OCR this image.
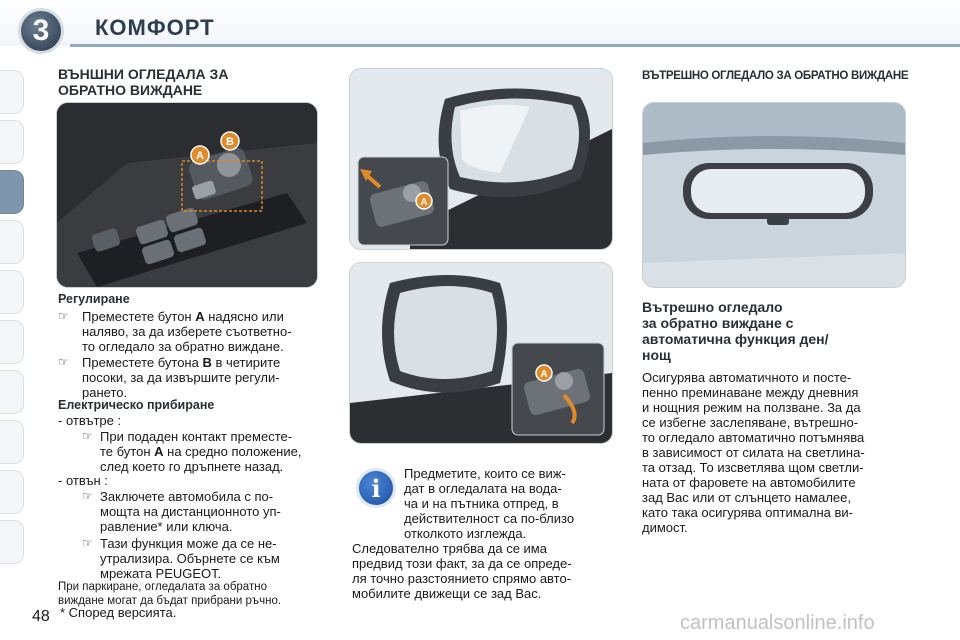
3	КОМФОРТ
ВЪНШНИ ОГЛЕДАЛА ЗА
ОБРАТНО ВИЖДАНЕ
A
B
Регулиране
☞ Преместете бутон A надясно или
наляво, за да изберете съответно-
то огледало за обратно виждане.
☞ Преместете бутона B в четирите
посоки, за да извършите регули-
рането.
Електрическо прибиране
- отвътре :
☞ При подаден контакт преместе-
те бутон A на средно положение,
след което го дръпнете назад.
- отвън :
☞ Заключете автомобила с по-
мощта на дистанционното уп-
равление* или ключа.
☞ Тази функция може да се не-
утрализира. Обърнете се към
мрежата PEUGEOT.
При паркиране, огледалата за обратно
виждане могат да бъдат прибрани ръчно.
A
A
i	Предметите, които се виж-
дат в огледалата на вода-
ча и на пътника отпред, в
действителност са по-близо
отколкото изглежда.
Следователно трябва да се има
предвид този факт, за да се опреде-
ля точно разстоянието спрямо авто-
мобилите движещи се зад Вас.
ВЪТРЕШНО ОГЛЕДАЛО ЗА ОБРАТНО ВИЖДАНЕ
Вътрешно огледало
за обратно виждане с
автоматична функция ден/
нощ
Осигурява автоматичното и посте-
пенно преминаване между дневния
и нощния режим на ползване. За да
се избегне заслепяване, вътрешно-
то огледало автоматично потъмнява
в зависимост от силата на светлина-
та отзад. То изсветлява щом светли-
ната от фаровете на автомобилите
зад Вас или от слънцето намалее,
като така осигурява оптимална ви-
димост.
48 * Според версията.	carmanualsonline.info
